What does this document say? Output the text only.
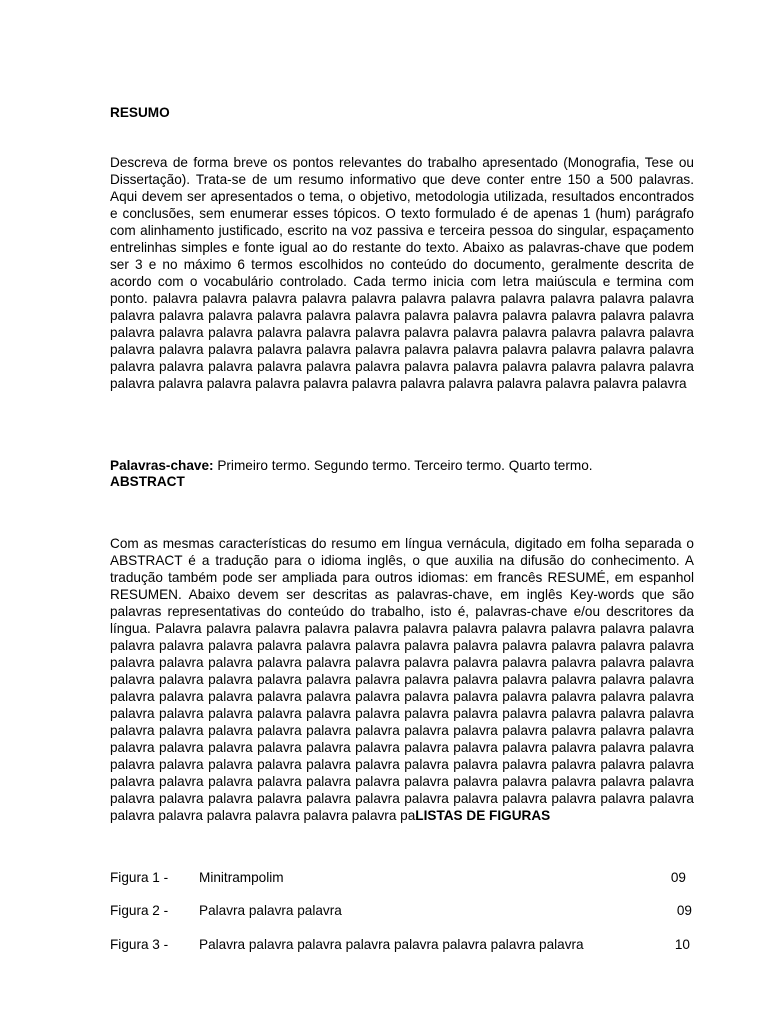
RESUMO

Descreva de forma breve os pontos relevantes do trabalho apresentado (Monografia, Tese ou Dissertação). Trata-se de um resumo informativo que deve conter entre 150 a 500 palavras. Aqui devem ser apresentados o tema, o objetivo, metodologia utilizada, resultados encontrados e conclusões, sem enumerar esses tópicos. O texto formulado é de apenas 1 (hum) parágrafo com alinhamento justificado, escrito na voz passiva e terceira pessoa do singular, espaçamento entrelinhas simples e fonte igual ao do restante do texto. Abaixo as palavras-chave que podem ser 3 e no máximo 6 termos escolhidos no conteúdo do documento, geralmente descrita de acordo com o vocabulário controlado. Cada termo inicia com letra maiúscula e termina com ponto. palavra palavra palavra palavra palavra palavra palavra palavra palavra palavra palavra palavra palavra palavra palavra palavra palavra palavra palavra palavra palavra palavra palavra palavra palavra palavra palavra palavra palavra palavra palavra palavra palavra palavra palavra palavra palavra palavra palavra palavra palavra palavra palavra palavra palavra palavra palavra palavra palavra palavra palavra palavra palavra palavra palavra palavra palavra palavra palavra palavra palavra palavra palavra palavra palavra palavra palavra palavra palavra palavra palavra

Palavras-chave: Primeiro termo. Segundo termo. Terceiro termo. Quarto termo.

ABSTRACT

Com as mesmas características do resumo em língua vernácula, digitado em folha separada o ABSTRACT é a tradução para o idioma inglês, o que auxilia na difusão do conhecimento. A tradução também pode ser ampliada para outros idiomas: em francês RESUMÉ, em espanhol RESUMEN. Abaixo devem ser descritas as palavras-chave, em inglês Key-words que são palavras representativas do conteúdo do trabalho, isto é, palavras-chave e/ou descritores da língua. Palavra palavra palavra palavra palavra palavra palavra palavra palavra palavra palavra palavra palavra palavra palavra palavra palavra palavra palavra palavra palavra palavra palavra palavra palavra palavra palavra palavra palavra palavra palavra palavra palavra palavra palavra palavra palavra palavra palavra palavra palavra palavra palavra palavra palavra palavra palavra palavra palavra palavra palavra palavra palavra palavra palavra palavra palavra palavra palavra palavra palavra palavra palavra palavra palavra palavra palavra palavra palavra palavra palavra palavra palavra palavra palavra palavra palavra palavra palavra palavra palavra palavra palavra palavra palavra palavra palavra palavra palavra palavra palavra palavra palavra palavra palavra palavra palavra palavra palavra palavra palavra palavra palavra palavra palavra palavra palavra palavra palavra palavra palavra palavra palavra palavra palavra palavra palavra palavra palavra palavra palavra palavra palavra palavra palavra palavra palavra palavra palavra palavra palavra palavra palavra palavra palavra palavra palavra paLISTAS DE FIGURAS

Figura 1 - Minitrampolim	09
Figura 2 - Palavra palavra palavra	09
Figura 3 - Palavra palavra palavra palavra palavra palavra palavra palavra	10
